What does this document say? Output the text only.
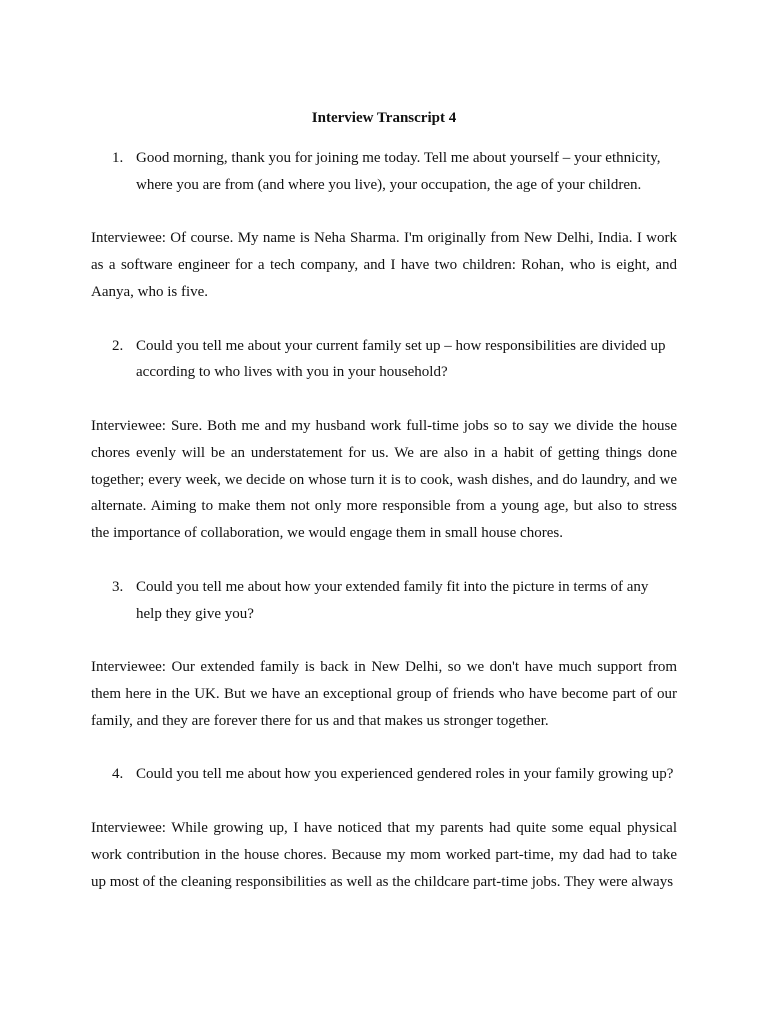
Interview Transcript 4
1. Good morning, thank you for joining me today. Tell me about yourself – your ethnicity, where you are from (and where you live), your occupation, the age of your children.

Interviewee: Of course. My name is Neha Sharma. I'm originally from New Delhi, India. I work as a software engineer for a tech company, and I have two children: Rohan, who is eight, and Aanya, who is five.

2. Could you tell me about your current family set up – how responsibilities are divided up according to who lives with you in your household?

Interviewee: Sure. Both me and my husband work full-time jobs so to say we divide the house chores evenly will be an understatement for us. We are also in a habit of getting things done together; every week, we decide on whose turn it is to cook, wash dishes, and do laundry, and we alternate. Aiming to make them not only more responsible from a young age, but also to stress the importance of collaboration, we would engage them in small house chores.

3. Could you tell me about how your extended family fit into the picture in terms of any help they give you?

Interviewee: Our extended family is back in New Delhi, so we don't have much support from them here in the UK. But we have an exceptional group of friends who have become part of our family, and they are forever there for us and that makes us stronger together.

4. Could you tell me about how you experienced gendered roles in your family growing up?

Interviewee: While growing up, I have noticed that my parents had quite some equal physical work contribution in the house chores. Because my mom worked part-time, my dad had to take up most of the cleaning responsibilities as well as the childcare part-time jobs. They were always
